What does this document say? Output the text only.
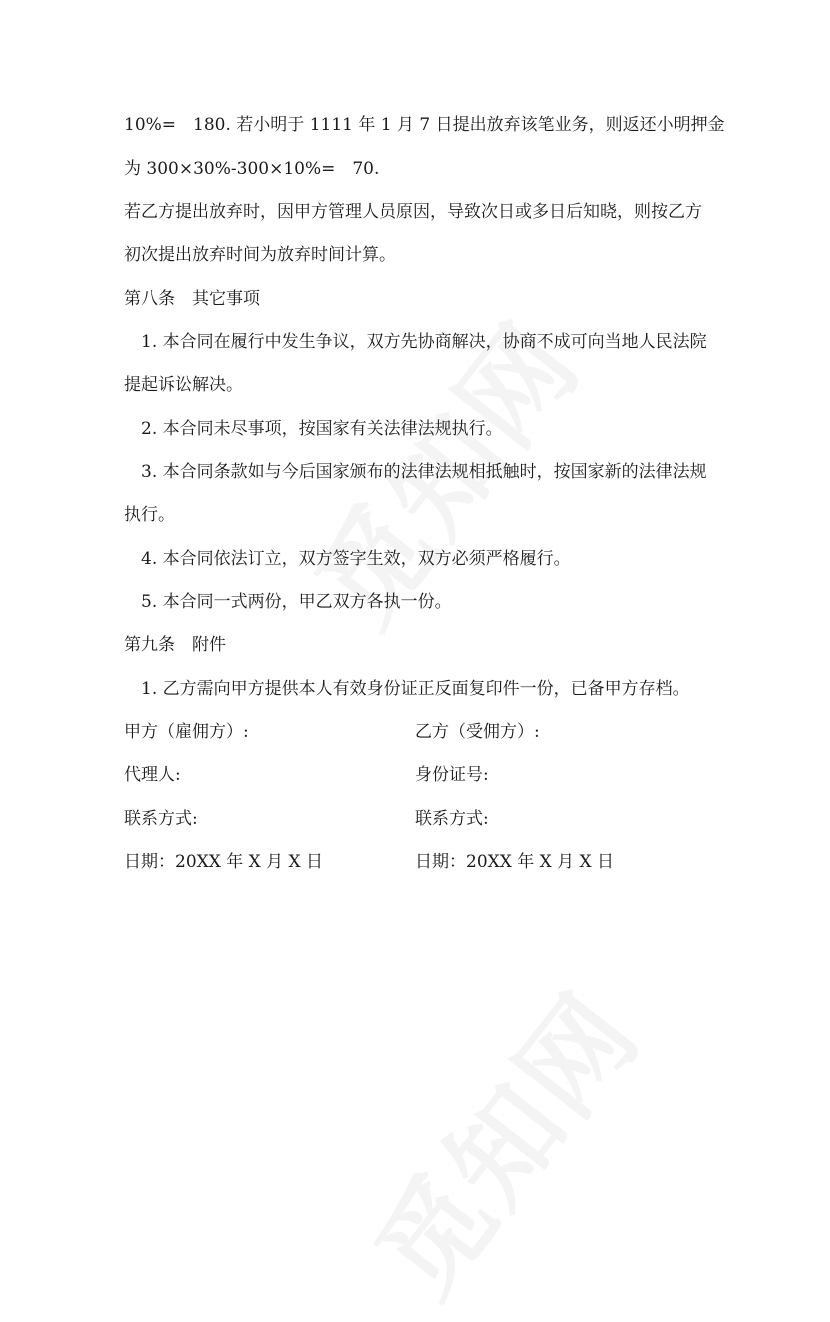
10%=　180. 若小明于 1111 年 1 月 7 日提出放弃该笔业务，则返还小明押金
为 300×30%-300×10%=　70.
若乙方提出放弃时，因甲方管理人员原因，导致次日或多日后知晓，则按乙方
初次提出放弃时间为放弃时间计算。
第八条　其它事项
1. 本合同在履行中发生争议，双方先协商解决，协商不成可向当地人民法院
提起诉讼解决。
2. 本合同未尽事项，按国家有关法律法规执行。
3. 本合同条款如与今后国家颁布的法律法规相抵触时，按国家新的法律法规
执行。
4. 本合同依法订立，双方签字生效，双方必须严格履行。
5. 本合同一式两份，甲乙双方各执一份。
第九条　附件
1. 乙方需向甲方提供本人有效身份证正反面复印件一份，已备甲方存档。
甲方（雇佣方）:	乙方（受佣方）:
代理人:	身份证号:
联系方式:	联系方式:
日期：20XX 年 X 月 X 日	日期：20XX 年 X 月 X 日
